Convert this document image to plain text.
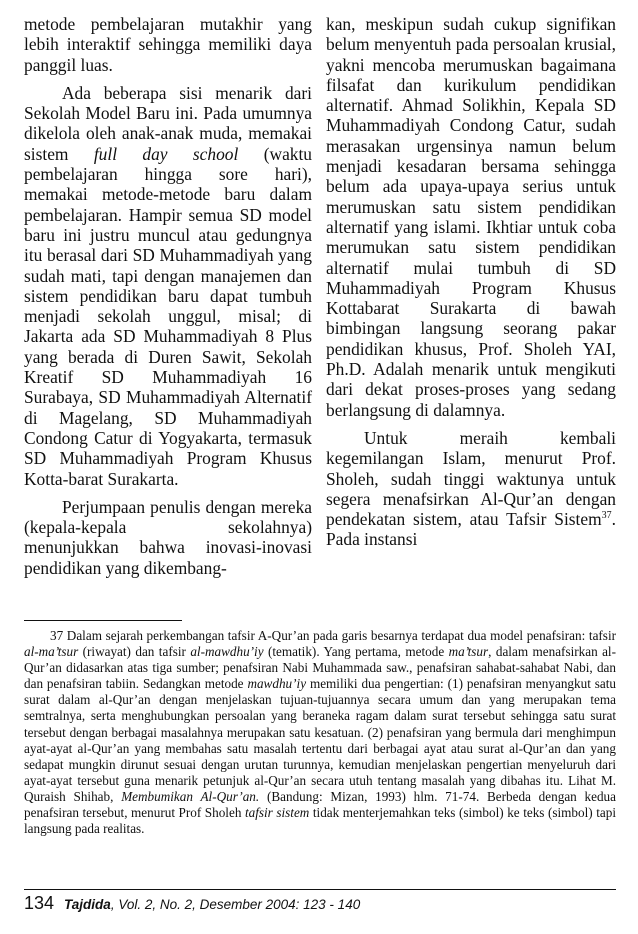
metode pembelajaran mutakhir yang lebih interaktif sehingga memiliki daya panggil luas.

Ada beberapa sisi menarik dari Sekolah Model Baru ini. Pada umumnya dikelola oleh anak-anak muda, memakai sistem full day school (waktu pembelajaran hingga sore hari), memakai metode-metode baru dalam pembelajaran. Hampir semua SD model baru ini justru muncul atau gedungnya itu berasal dari SD Muhammadiyah yang sudah mati, tapi dengan manajemen dan sistem pendidikan baru dapat tumbuh menjadi sekolah unggul, misal; di Jakarta ada SD Muhammadiyah 8 Plus yang berada di Duren Sawit, Sekolah Kreatif SD Muhammadiyah 16 Surabaya, SD Muhammadiyah Alternatif di Magelang, SD Muhammadiyah Condong Catur di Yogyakarta, termasuk SD Muhammadiyah Program Khusus Kotta-barat Surakarta.

Perjumpaan penulis dengan mereka (kepala-kepala sekolahnya) menunjukkan bahwa inovasi-inovasi pendidikan yang dikembang-

kan, meskipun sudah cukup signifikan belum menyentuh pada persoalan krusial, yakni mencoba merumuskan bagaimana filsafat dan kurikulum pendidikan alternatif. Ahmad Solikhin, Kepala SD Muhammadiyah Condong Catur, sudah merasakan urgensinya namun belum menjadi kesadaran bersama sehingga belum ada upaya-upaya serius untuk merumuskan satu sistem pendidikan alternatif yang islami. Ikhtiar untuk coba merumukan satu sistem pendidikan alternatif mulai tumbuh di SD Muhammadiyah Program Khusus Kottabarat Surakarta di bawah bimbingan langsung seorang pakar pendidikan khusus, Prof. Sholeh YAI, Ph.D. Adalah menarik untuk mengikuti dari dekat proses-proses yang sedang berlangsung di dalamnya.

Untuk meraih kembali kegemilangan Islam, menurut Prof. Sholeh, sudah tinggi waktunya untuk segera menafsirkan Al-Qur’an dengan pendekatan sistem, atau Tafsir Sistem$^{37}$. Pada instansi

37 Dalam sejarah perkembangan tafsir A-Qur’an pada garis besarnya terdapat dua model penafsiran: tafsir al-ma’tsur (riwayat) dan tafsir al-mawdhu’iy (tematik). Yang pertama, metode ma’tsur, dalam menafsirkan al-Qur’an didasarkan atas tiga sumber; penafsiran Nabi Muhammada saw., penafsiran sahabat-sahabat Nabi, dan dan penafsiran tabiin. Sedangkan metode mawdhu’iy memiliki dua pengertian: (1) penafsiran menyangkut satu surat dalam al-Qur’an dengan menjelaskan tujuan-tujuannya secara umum dan yang merupakan tema semtralnya, serta menghubungkan persoalan yang beraneka ragam dalam surat tersebut sehingga satu surat tersebut dengan berbagai masalahnya merupakan satu kesatuan. (2) penafsiran yang bermula dari menghimpun ayat-ayat al-Qur’an yang membahas satu masalah tertentu dari berbagai ayat atau surat al-Qur’an dan yang sedapat mungkin dirunut sesuai dengan urutan turunnya, kemudian menjelaskan pengertian menyeluruh dari ayat-ayat tersebut guna menarik petunjuk al-Qur’an secara utuh tentang masalah yang dibahas itu. Lihat M. Quraish Shihab, Membumikan Al-Qur’an. (Bandung: Mizan, 1993) hlm. 71-74. Berbeda dengan kedua penafsiran tersebut, menurut Prof Sholeh tafsir sistem tidak menterjemahkan teks (simbol) ke teks (simbol) tapi langsung pada realitas.

134 Tajdida, Vol. 2, No. 2, Desember 2004: 123 - 140
